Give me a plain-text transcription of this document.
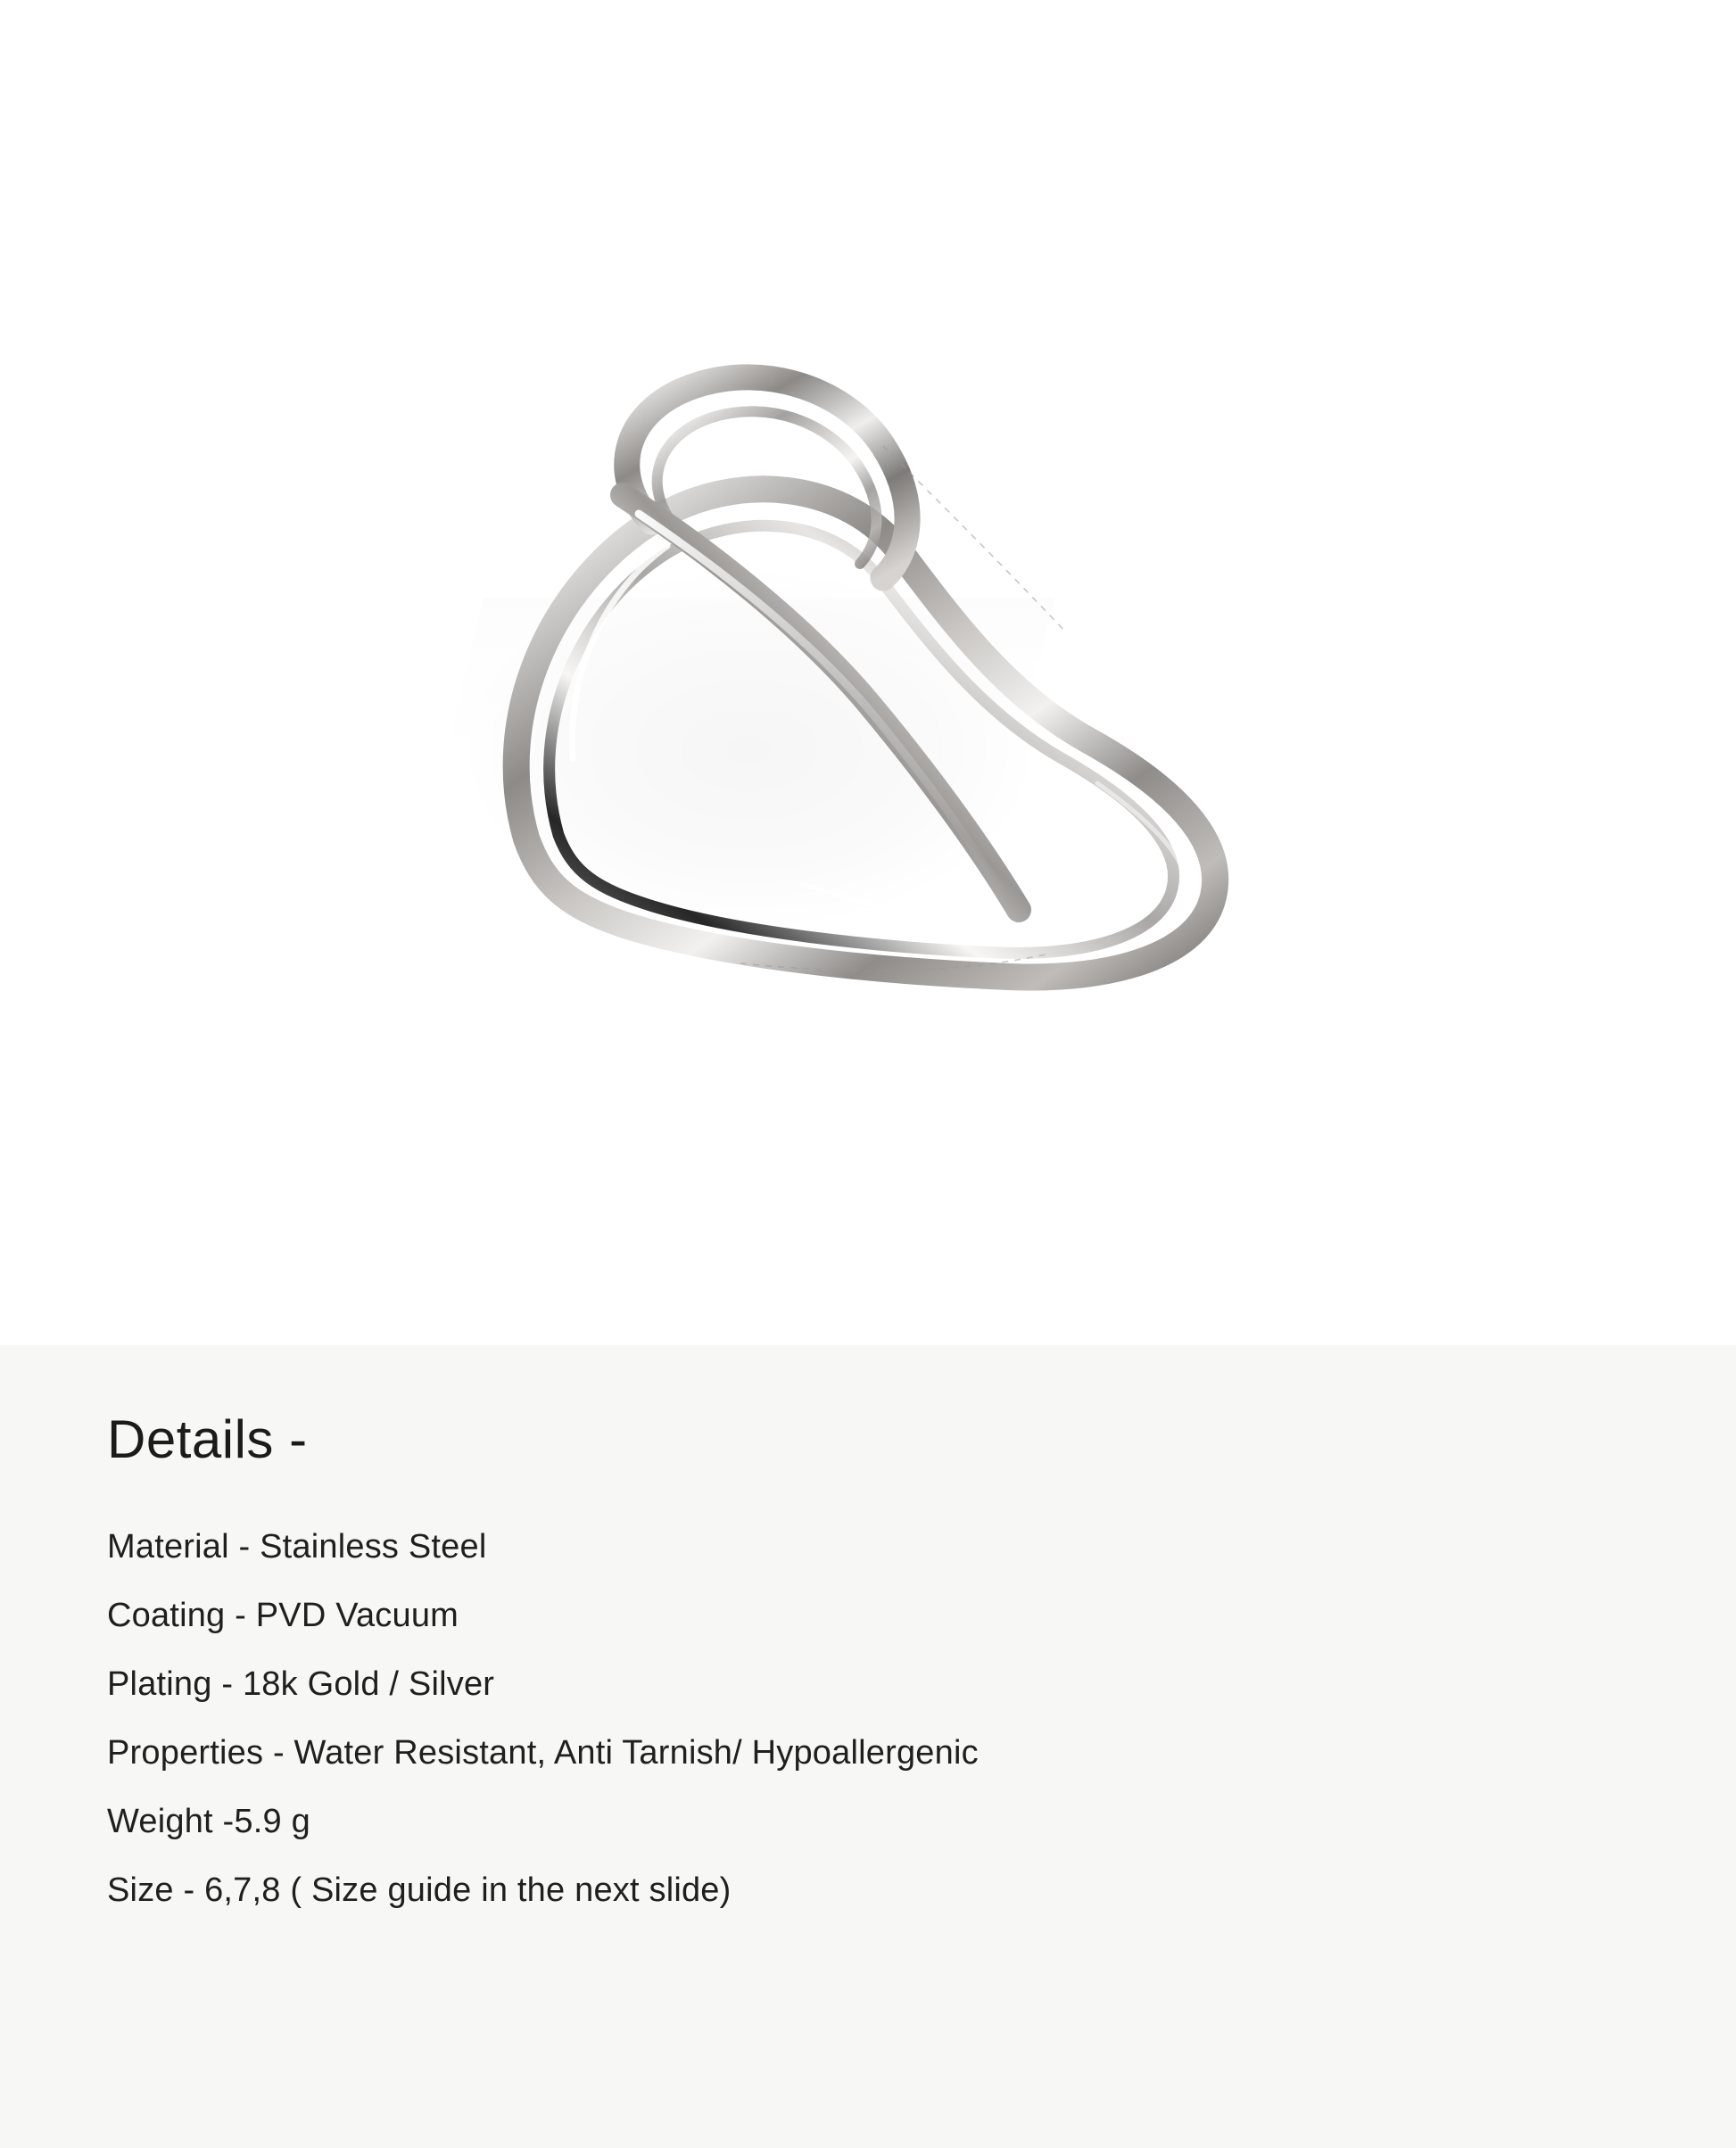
Details -
Material - Stainless Steel
Coating - PVD Vacuum
Plating - 18k Gold / Silver
Properties - Water Resistant, Anti Tarnish/ Hypoallergenic
Weight -5.9 g
Size - 6,7,8 ( Size guide in the next slide)
